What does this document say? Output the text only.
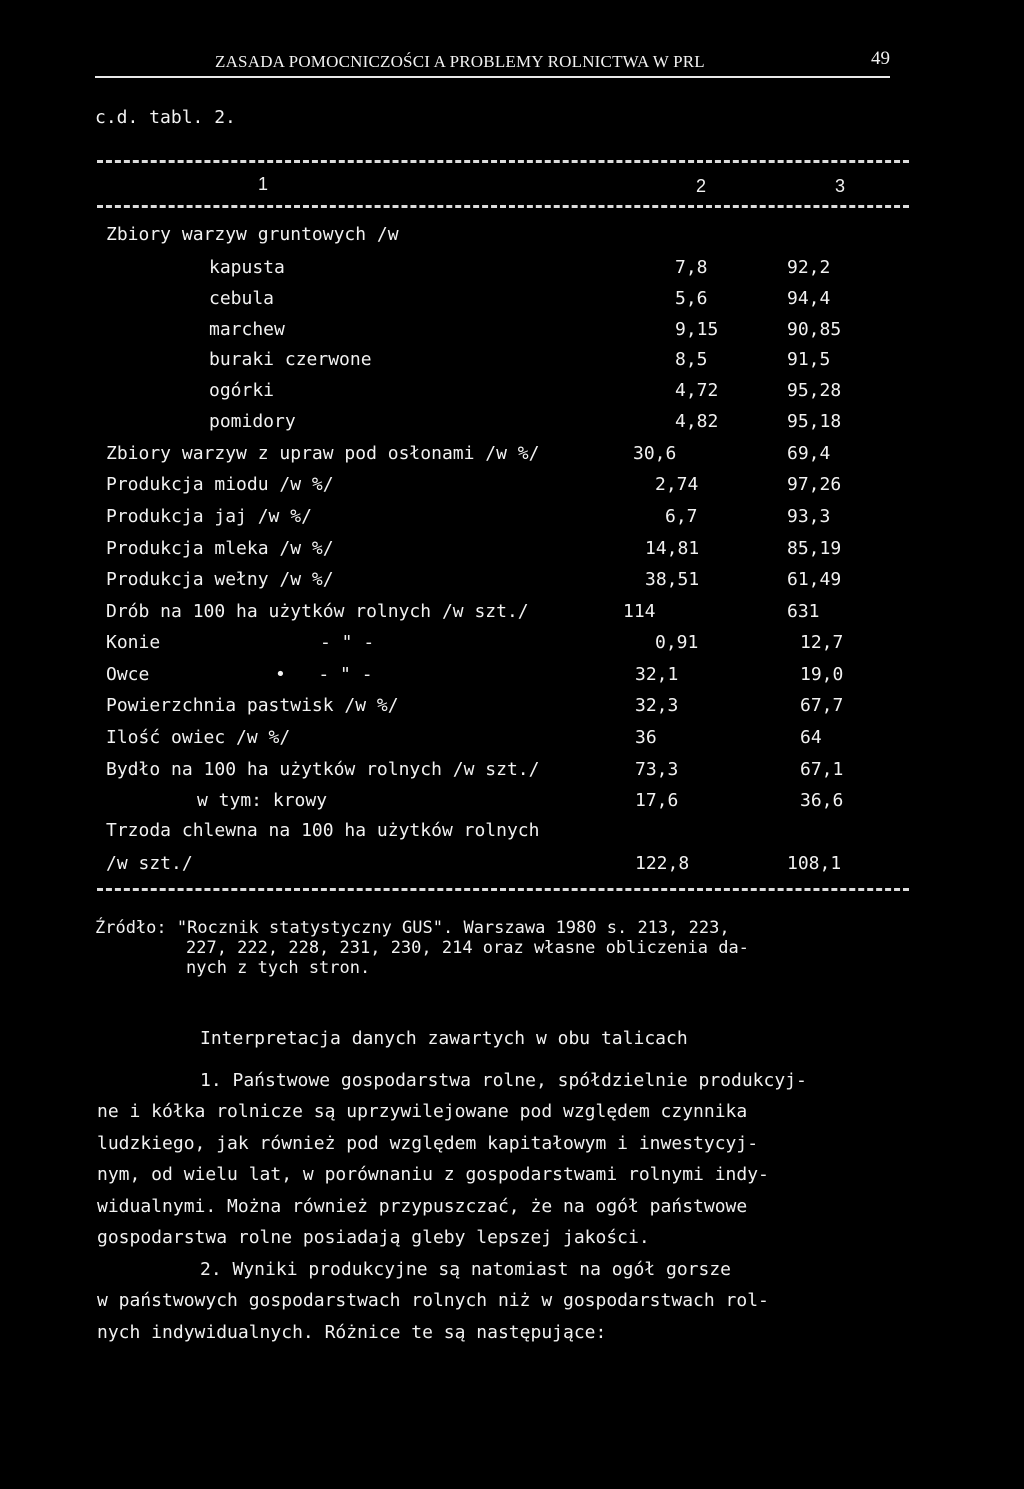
ZASADA POMOCNICZOŚCI A PROBLEMY ROLNICTWA W PRL	49
c.d. tabl. 2.
1	2	3
Zbiory warzyw gruntowych /w
kapusta	7,8	92,2
cebula	5,6	94,4
marchew	9,15	90,85
buraki czerwone	8,5	91,5
ogórki	4,72	95,28
pomidory	4,82	95,18
Zbiory warzyw z upraw pod osłonami /w %/	30,6	69,4
Produkcja miodu /w %/	2,74	97,26
Produkcja jaj /w %/	6,7	93,3
Produkcja mleka /w %/	14,81	85,19
Produkcja wełny /w %/	38,51	61,49
Drób na 100 ha użytków rolnych /w szt./	114	631
Konie	- " -	0,91	12,7
Owce	•   - " -	32,1	19,0
Powierzchnia pastwisk /w %/	32,3	67,7
Ilość owiec /w %/	36	64
Bydło na 100 ha użytków rolnych /w szt./	73,3	67,1
w tym: krowy	17,6	36,6
Trzoda chlewna na 100 ha użytków rolnych
/w szt./	122,8	108,1
Źródło: "Rocznik statystyczny GUS". Warszawa 1980 s. 213, 223,
227, 222, 228, 231, 230, 214 oraz własne obliczenia da-
nych z tych stron.
Interpretacja danych zawartych w obu talicach
1. Państwowe gospodarstwa rolne, spółdzielnie produkcyj-
ne i kółka rolnicze są uprzywilejowane pod względem czynnika
ludzkiego, jak również pod względem kapitałowym i inwestycyj-
nym, od wielu lat, w porównaniu z gospodarstwami rolnymi indy-
widualnymi. Można również przypuszczać, że na ogół państwowe
gospodarstwa rolne posiadają gleby lepszej jakości.
2. Wyniki produkcyjne są natomiast na ogół gorsze
w państwowych gospodarstwach rolnych niż w gospodarstwach rol-
nych indywidualnych. Różnice te są następujące:
